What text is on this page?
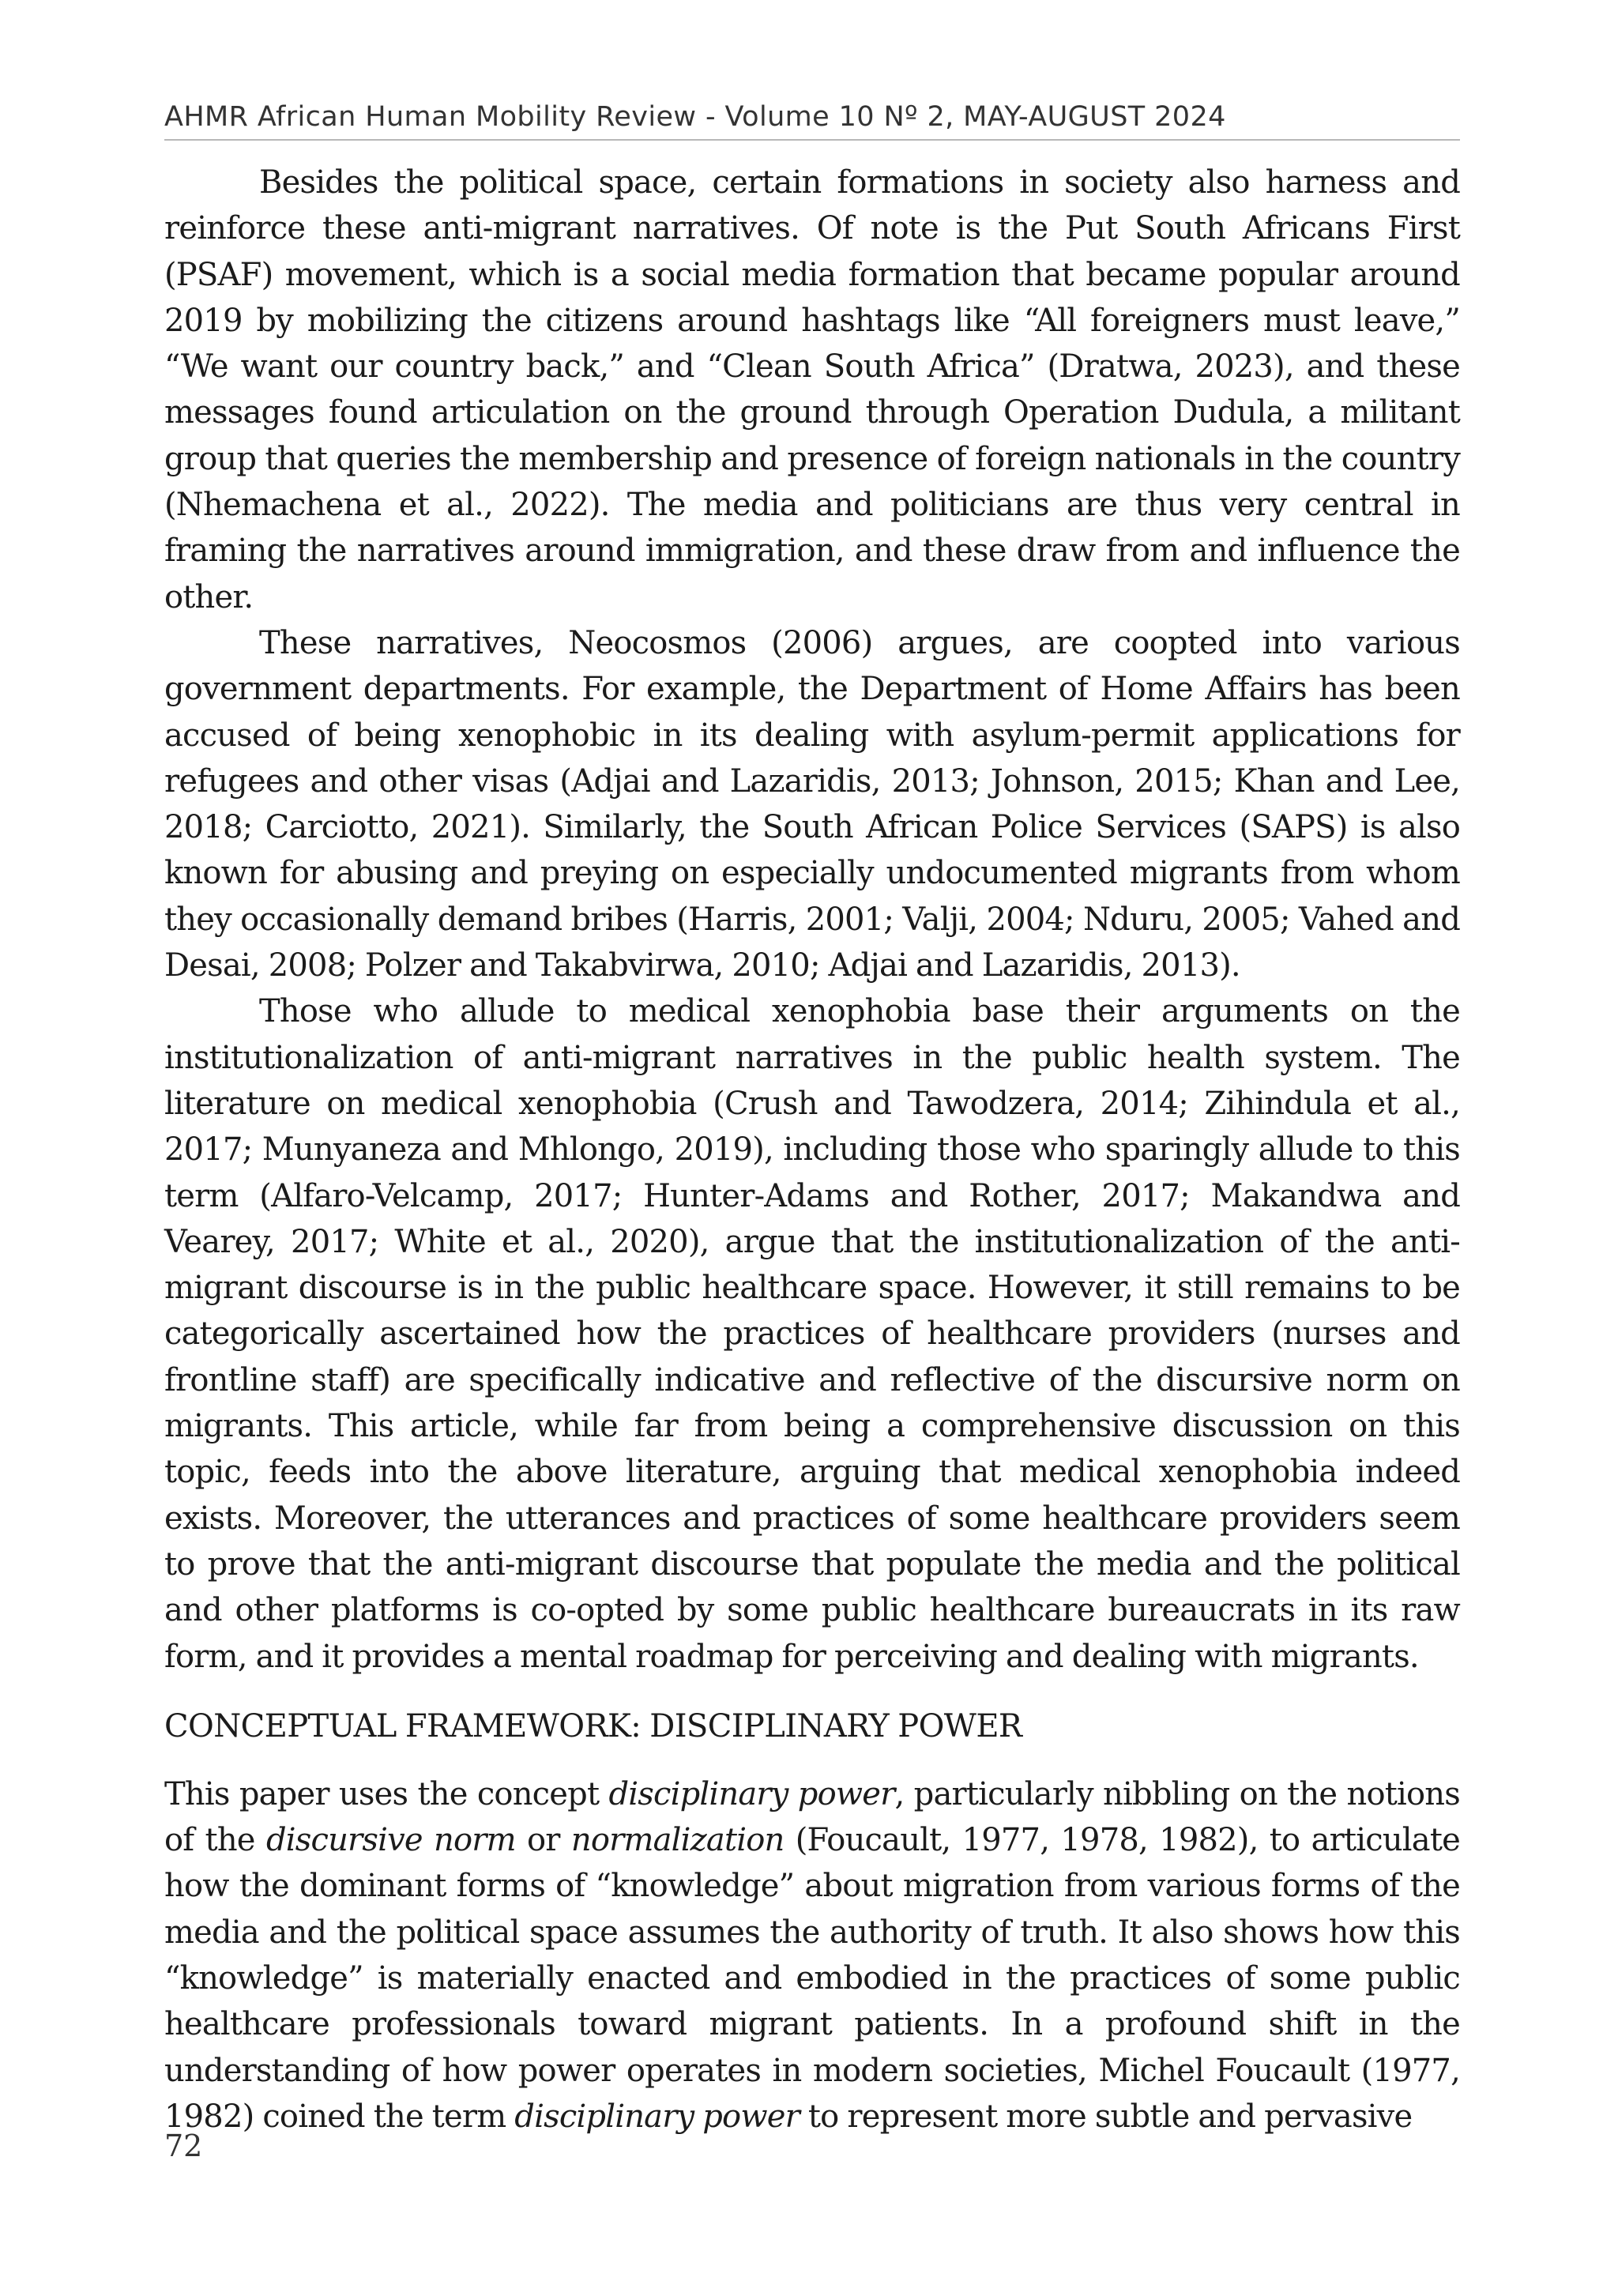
AHMR African Human Mobility Review - Volume 10 Nº 2, MAY-AUGUST 2024

Besides the political space, certain formations in society also harness and reinforce these anti-migrant narratives. Of note is the Put South Africans First (PSAF) movement, which is a social media formation that became popular around 2019 by mobilizing the citizens around hashtags like “All foreigners must leave,” “We want our country back,” and “Clean South Africa” (Dratwa, 2023), and these messages found articulation on the ground through Operation Dudula, a militant group that queries the membership and presence of foreign nationals in the country (Nhemachena et al., 2022). The media and politicians are thus very central in framing the narratives around immigration, and these draw from and influence the other.

These narratives, Neocosmos (2006) argues, are coopted into various government departments. For example, the Department of Home Affairs has been accused of being xenophobic in its dealing with asylum-permit applications for refugees and other visas (Adjai and Lazaridis, 2013; Johnson, 2015; Khan and Lee, 2018; Carciotto, 2021). Similarly, the South African Police Services (SAPS) is also known for abusing and preying on especially undocumented migrants from whom they occasionally demand bribes (Harris, 2001; Valji, 2004; Nduru, 2005; Vahed and Desai, 2008; Polzer and Takabvirwa, 2010; Adjai and Lazaridis, 2013).

Those who allude to medical xenophobia base their arguments on the institutionalization of anti-migrant narratives in the public health system. The literature on medical xenophobia (Crush and Tawodzera, 2014; Zihindula et al., 2017; Munyaneza and Mhlongo, 2019), including those who sparingly allude to this term (Alfaro-Velcamp, 2017; Hunter-Adams and Rother, 2017; Makandwa and Vearey, 2017; White et al., 2020), argue that the institutionalization of the anti-migrant discourse is in the public healthcare space. However, it still remains to be categorically ascertained how the practices of healthcare providers (nurses and frontline staff) are specifically indicative and reflective of the discursive norm on migrants. This article, while far from being a comprehensive discussion on this topic, feeds into the above literature, arguing that medical xenophobia indeed exists. Moreover, the utterances and practices of some healthcare providers seem to prove that the anti-migrant discourse that populate the media and the political and other platforms is co-opted by some public healthcare bureaucrats in its raw form, and it provides a mental roadmap for perceiving and dealing with migrants.

CONCEPTUAL FRAMEWORK: DISCIPLINARY POWER

This paper uses the concept disciplinary power, particularly nibbling on the notions of the discursive norm or normalization (Foucault, 1977, 1978, 1982), to articulate how the dominant forms of “knowledge” about migration from various forms of the media and the political space assumes the authority of truth. It also shows how this “knowledge” is materially enacted and embodied in the practices of some public healthcare professionals toward migrant patients. In a profound shift in the understanding of how power operates in modern societies, Michel Foucault (1977, 1982) coined the term disciplinary power to represent more subtle and pervasive

72
